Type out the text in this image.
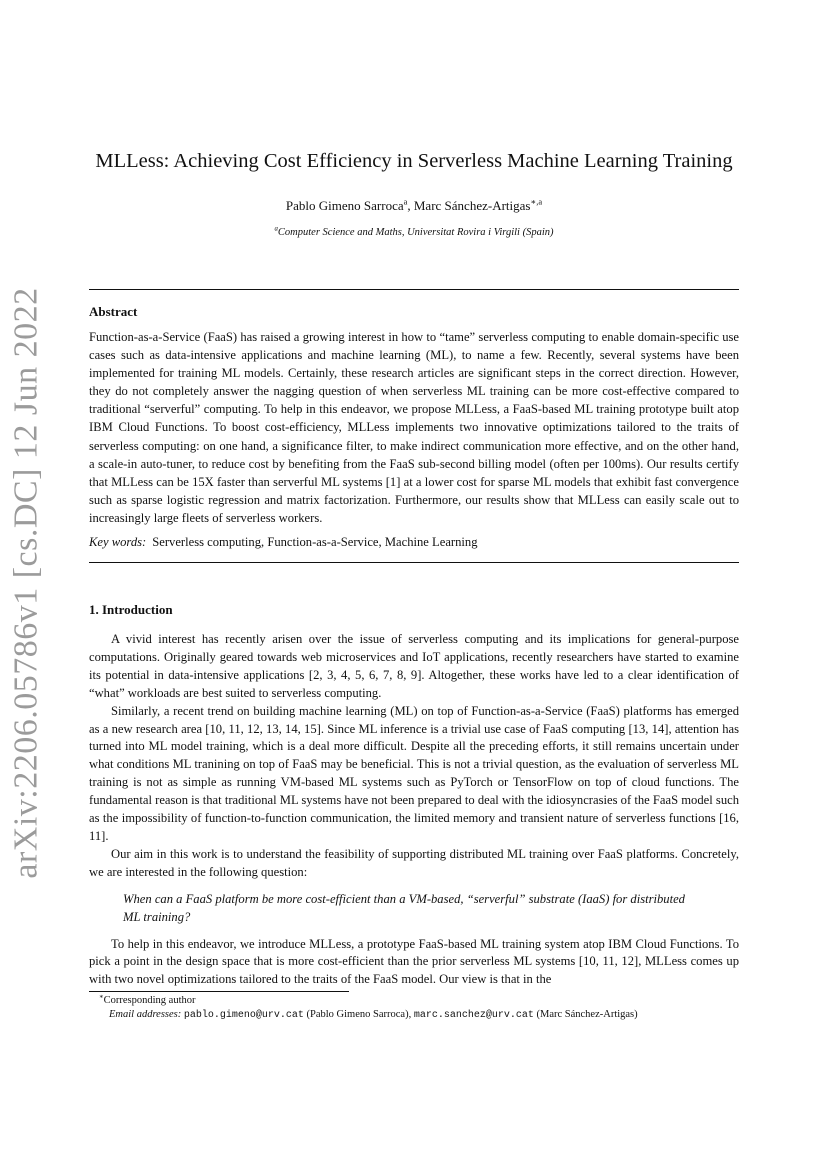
arXiv:2206.05786v1 [cs.DC] 12 Jun 2022
MLLess: Achieving Cost Efficiency in Serverless Machine Learning Training
Pablo Gimeno Sarroca$^a$, Marc Sánchez-Artigas$^{∗,a}$
$^a$Computer Science and Maths, Universitat Rovira i Virgili (Spain)
Abstract
Function-as-a-Service (FaaS) has raised a growing interest in how to “tame” serverless computing to enable domain-specific use cases such as data-intensive applications and machine learning (ML), to name a few. Recently, several systems have been implemented for training ML models. Certainly, these research articles are significant steps in the correct direction. However, they do not completely answer the nagging question of when serverless ML training can be more cost-effective compared to traditional “serverful” computing. To help in this endeavor, we propose MLLess, a FaaS-based ML training prototype built atop IBM Cloud Functions. To boost cost-efficiency, MLLess implements two innovative optimizations tailored to the traits of serverless computing: on one hand, a significance filter, to make indirect communication more effective, and on the other hand, a scale-in auto-tuner, to reduce cost by benefiting from the FaaS sub-second billing model (often per 100ms). Our results certify that MLLess can be 15X faster than serverful ML systems [1] at a lower cost for sparse ML models that exhibit fast convergence such as sparse logistic regression and matrix factorization. Furthermore, our results show that MLLess can easily scale out to increasingly large fleets of serverless workers.
Key words: Serverless computing, Function-as-a-Service, Machine Learning
1. Introduction

A vivid interest has recently arisen over the issue of serverless computing and its implications for general-purpose computations. Originally geared towards web microservices and IoT applications, recently researchers have started to examine its potential in data-intensive applications [2, 3, 4, 5, 6, 7, 8, 9]. Altogether, these works have led to a clear identification of “what” workloads are best suited to serverless computing.

Similarly, a recent trend on building machine learning (ML) on top of Function-as-a-Service (FaaS) platforms has emerged as a new research area [10, 11, 12, 13, 14, 15]. Since ML inference is a trivial use case of FaaS computing [13, 14], attention has turned into ML model training, which is a deal more difficult. Despite all the preceding efforts, it still remains uncertain under what conditions ML tranining on top of FaaS may be beneficial. This is not a trivial question, as the evaluation of serverless ML training is not as simple as running VM-based ML systems such as PyTorch or TensorFlow on top of cloud functions. The fundamental reason is that traditional ML systems have not been prepared to deal with the idiosyncrasies of the FaaS model such as the impossibility of function-to-function communication, the limited memory and transient nature of serverless functions [16, 11].

Our aim in this work is to understand the feasibility of supporting distributed ML training over FaaS platforms. Concretely, we are interested in the following question:

When can a FaaS platform be more cost-efficient than a VM-based, “serverful” substrate (IaaS) for distributed ML training?

To help in this endeavor, we introduce MLLess, a prototype FaaS-based ML training system atop IBM Cloud Functions. To pick a point in the design space that is more cost-efficient than the prior serverless ML systems [10, 11, 12], MLLess comes up with two novel optimizations tailored to the traits of the FaaS model. Our view is that in the

∗Corresponding author
Email addresses: pablo.gimeno@urv.cat (Pablo Gimeno Sarroca), marc.sanchez@urv.cat (Marc Sánchez-Artigas)
